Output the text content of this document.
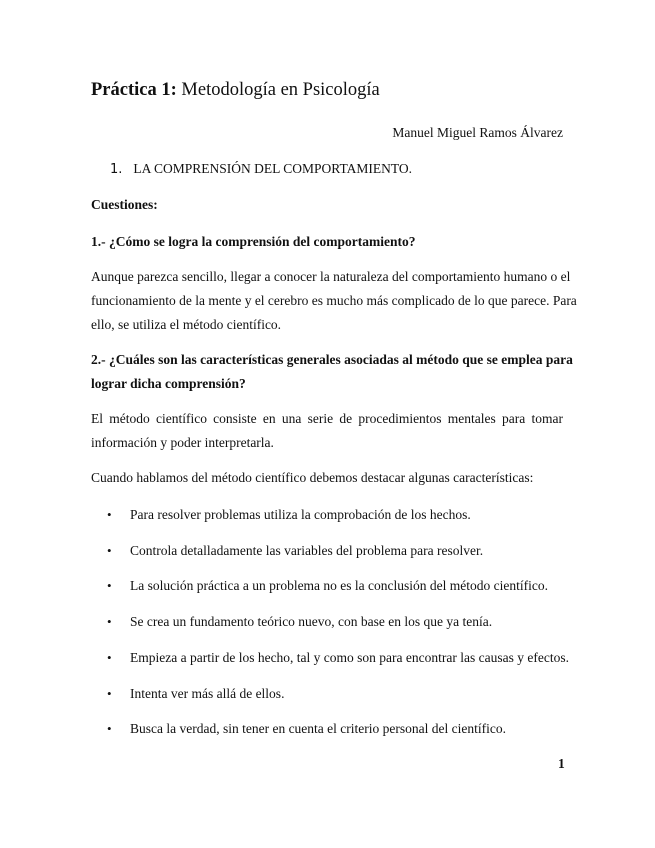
Práctica 1: Metodología en Psicología
Manuel Miguel Ramos Álvarez
1. LA COMPRENSIÓN DEL COMPORTAMIENTO.
Cuestiones:
1.- ¿Cómo se logra la comprensión del comportamiento?
Aunque parezca sencillo, llegar a conocer la naturaleza del comportamiento humano o el
funcionamiento de la mente y el cerebro es mucho más complicado de lo que parece. Para
ello, se utiliza el método científico.
2.- ¿Cuáles son las características generales asociadas al método que se emplea para
lograr dicha comprensión?
El método científico consiste en una serie de procedimientos mentales para tomar
información y poder interpretarla.
Cuando hablamos del método científico debemos destacar algunas características:
• Para resolver problemas utiliza la comprobación de los hechos.
• Controla detalladamente las variables del problema para resolver.
• La solución práctica a un problema no es la conclusión del método científico.
• Se crea un fundamento teórico nuevo, con base en los que ya tenía.
• Empieza a partir de los hecho, tal y como son para encontrar las causas y efectos.
• Intenta ver más allá de ellos.
• Busca la verdad, sin tener en cuenta el criterio personal del científico.
1
